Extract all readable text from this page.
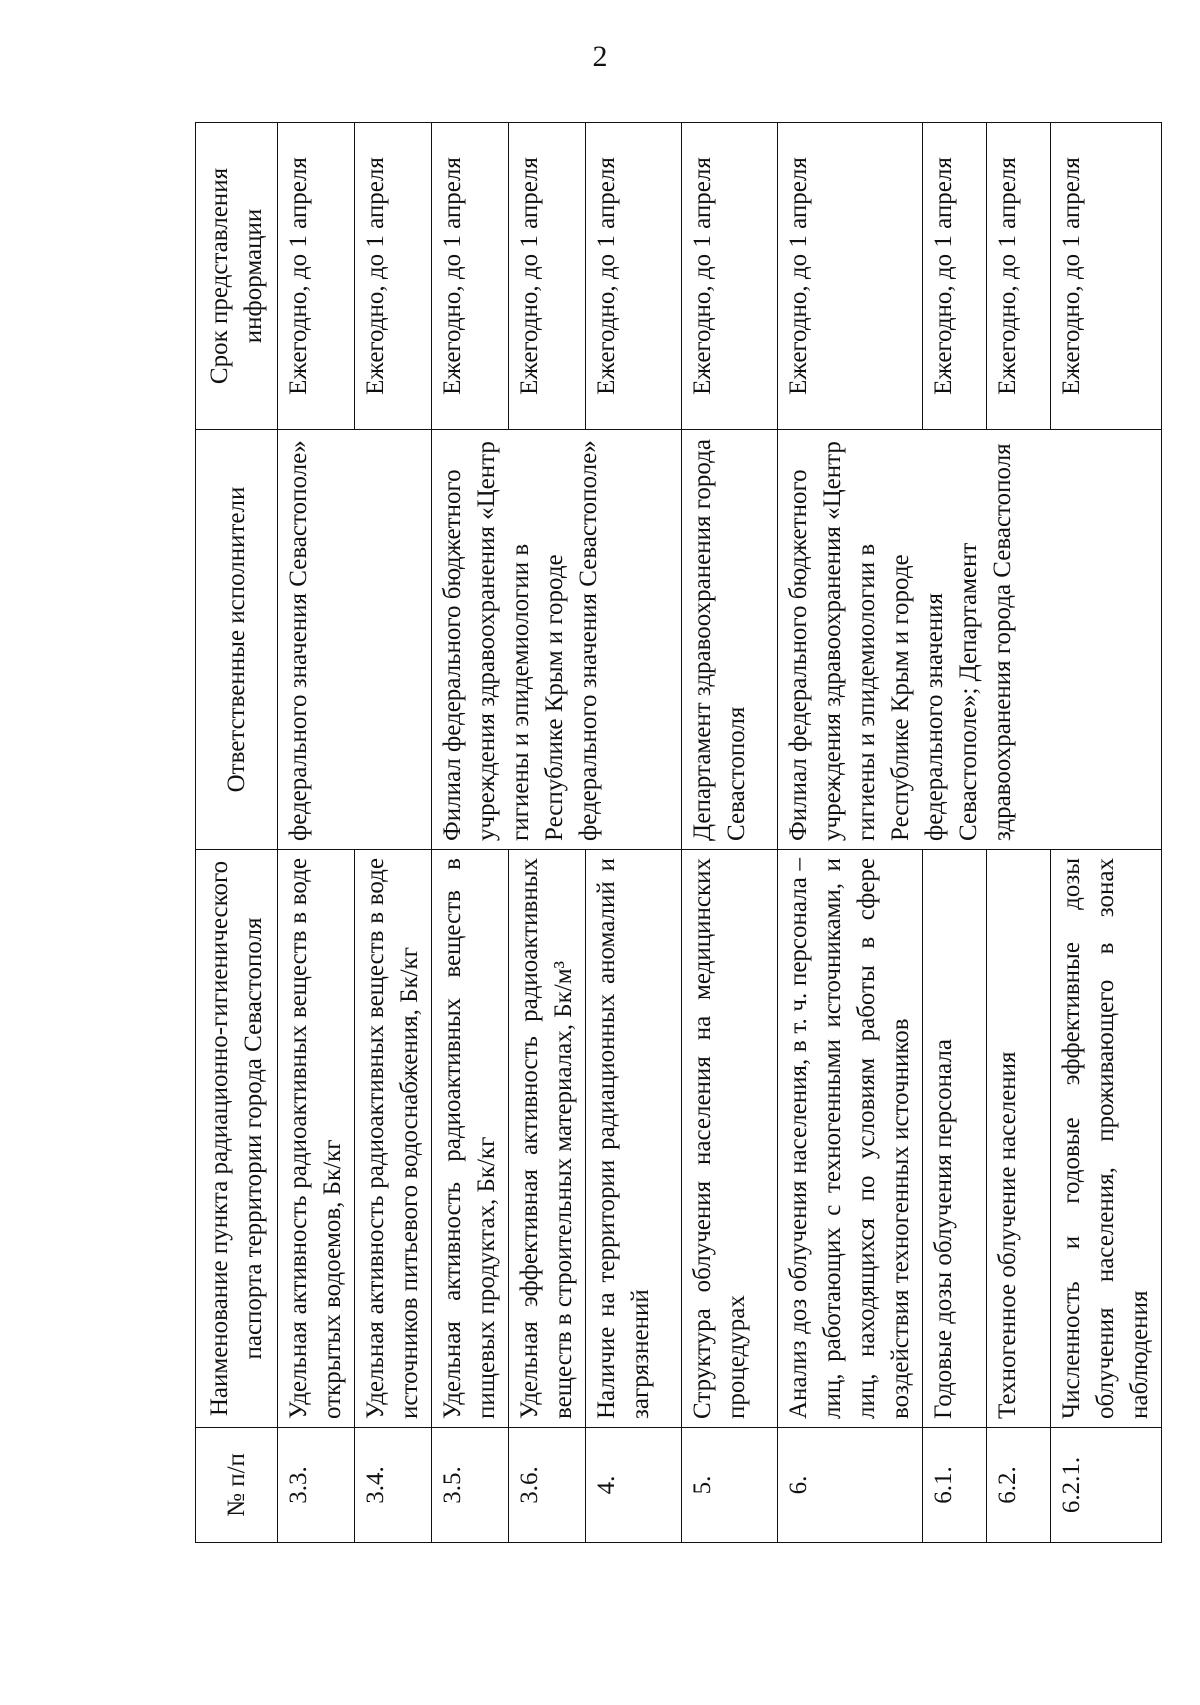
2
№ п/п	Наименование пункта радиационно-гигиенического паспорта территории города Севастополя	Ответственные исполнители	Срок представления информации
3.3.	Удельная активность радиоактивных веществ в воде открытых водоемов, Бк/кг	федерального значения Севастополе»	Ежегодно, до 1 апреля
3.4.	Удельная активность радиоактивных веществ в воде источников питьевого водоснабжения, Бк/кг		Ежегодно, до 1 апреля
3.5.	Удельная активность радиоактивных веществ в пищевых продуктах, Бк/кг	Филиал федерального бюджетного учреждения здравоохранения «Центр гигиены и эпидемиологии в Республике Крым и городе федерального значения Севастополе»	Ежегодно, до 1 апреля
3.6.	Удельная эффективная активность радиоактивных веществ в строительных материалах, Бк/м³		Ежегодно, до 1 апреля
4.	Наличие на территории радиационных аномалий и загрязнений		Ежегодно, до 1 апреля
5.	Структура облучения населения на медицинских процедурах	Департамент здравоохранения города Севастополя	Ежегодно, до 1 апреля
6.	Анализ доз облучения населения, в т. ч. персонала – лиц, работающих с техногенными источниками, и лиц, находящихся по условиям работы в сфере воздействия техногенных источников	Филиал федерального бюджетного учреждения здравоохранения «Центр гигиены и эпидемиологии в Республике Крым и городе федерального значения Севастополе»; Департамент здравоохранения города Севастополя	Ежегодно, до 1 апреля
6.1.	Годовые дозы облучения персонала		Ежегодно, до 1 апреля
6.2.	Техногенное облучение населения		Ежегодно, до 1 апреля
6.2.1.	Численность и годовые эффективные дозы облучения населения, проживающего в зонах наблюдения		Ежегодно, до 1 апреля
